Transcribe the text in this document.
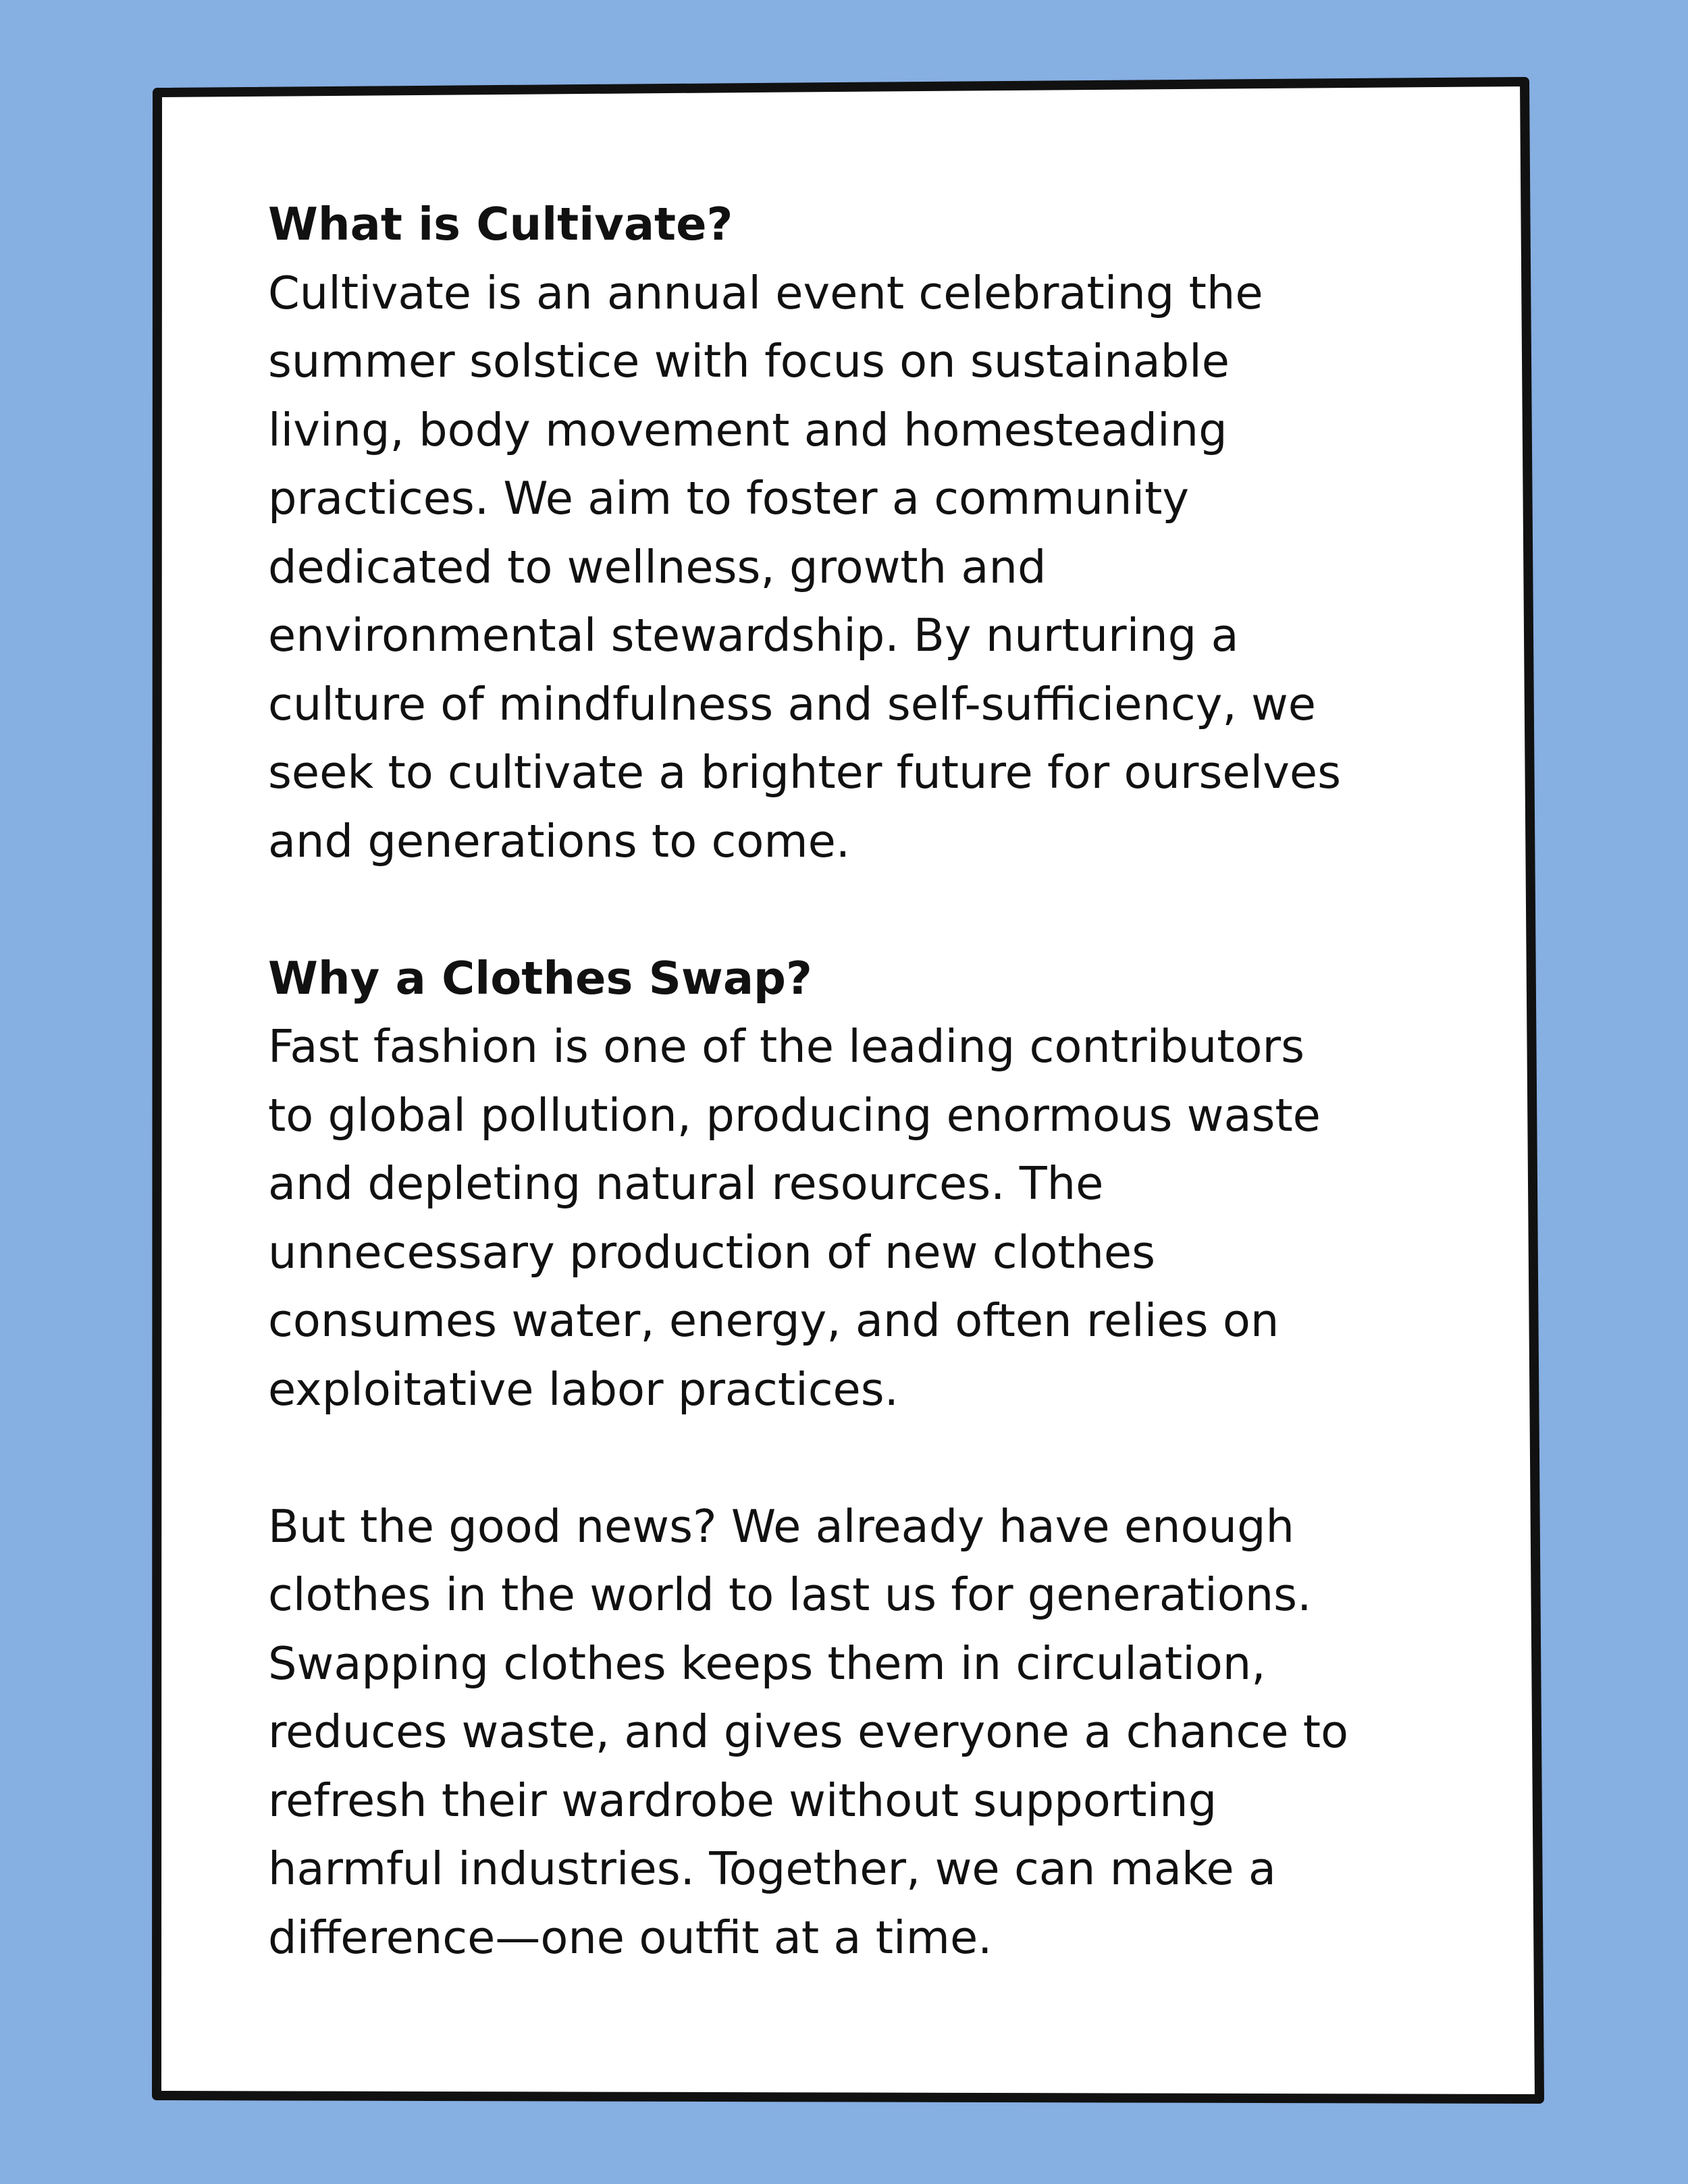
What is Cultivate?
Cultivate is an annual event celebrating the
summer solstice with focus on sustainable
living, body movement and homesteading
practices. We aim to foster a community
dedicated to wellness, growth and
environmental stewardship. By nurturing a
culture of mindfulness and self-sufficiency, we
seek to cultivate a brighter future for ourselves
and generations to come.
Why a Clothes Swap?
Fast fashion is one of the leading contributors
to global pollution, producing enormous waste
and depleting natural resources. The
unnecessary production of new clothes
consumes water, energy, and often relies on
exploitative labor practices.
But the good news? We already have enough
clothes in the world to last us for generations.
Swapping clothes keeps them in circulation,
reduces waste, and gives everyone a chance to
refresh their wardrobe without supporting
harmful industries. Together, we can make a
difference—one outfit at a time.
